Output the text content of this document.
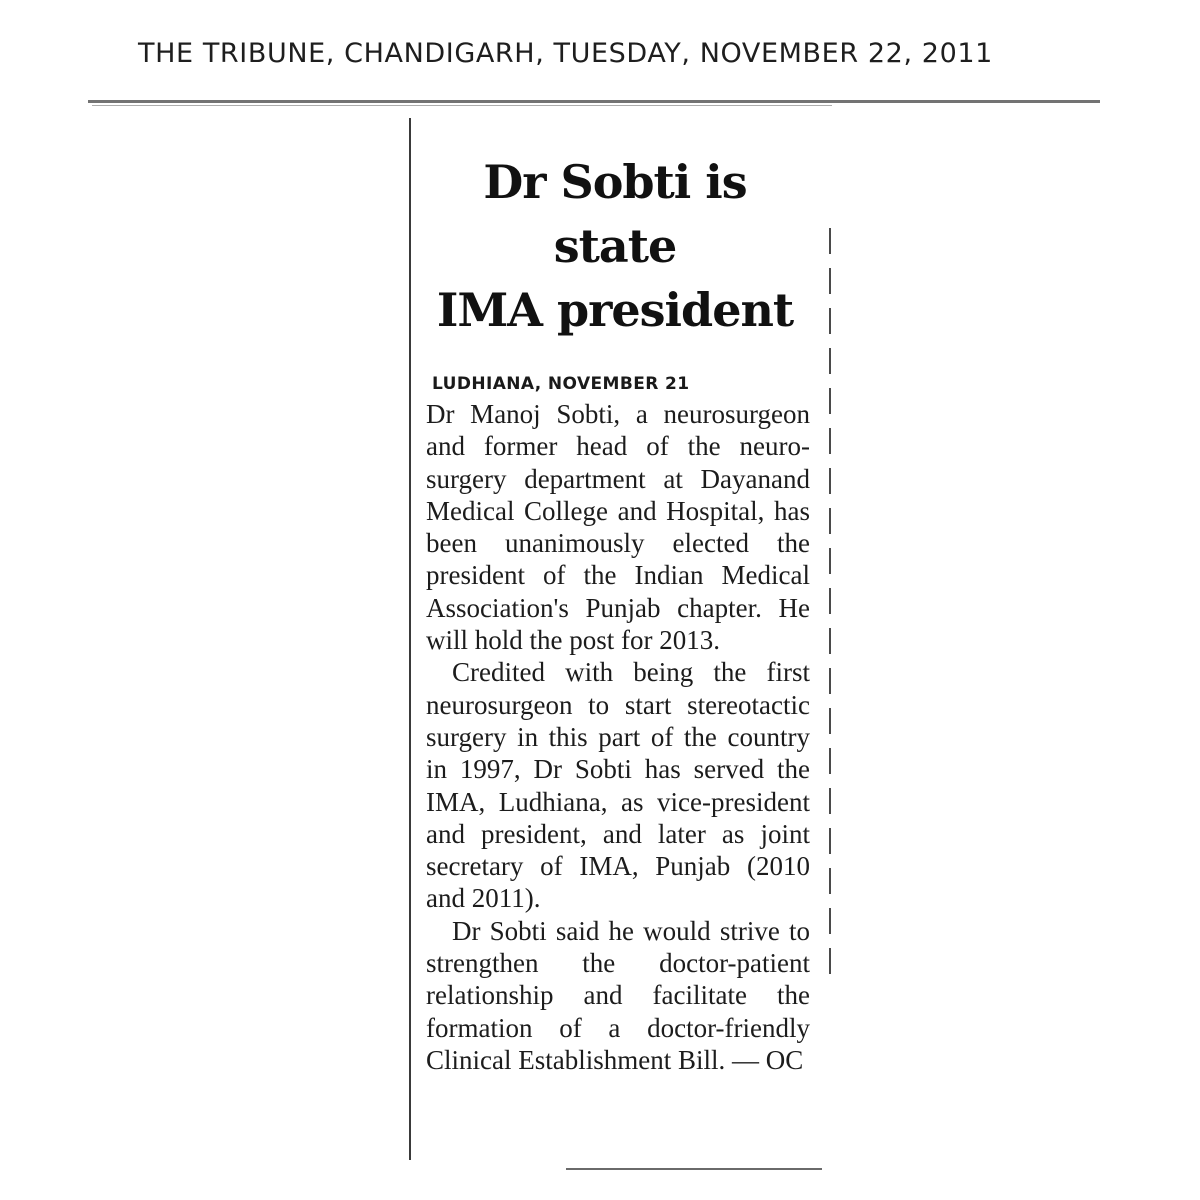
THE TRIBUNE, CHANDIGARH, TUESDAY, NOVEMBER 22, 2011
Dr Sobti is state
IMA president
LUDHIANA, NOVEMBER 21

Dr Manoj Sobti, a neurosurgeon and former head of the neuro-surgery department at Dayanand Medical College and Hospital, has been unanimously elected the president of the Indian Medical Association's Punjab chapter. He will hold the post for 2013.

Credited with being the first neurosurgeon to start stereotactic surgery in this part of the country in 1997, Dr Sobti has served the IMA, Ludhiana, as vice-president and president, and later as joint secretary of IMA, Punjab (2010 and 2011).

Dr Sobti said he would strive to strengthen the doctor-patient relationship and facilitate the formation of a doctor-friendly Clinical Establishment Bill. — OC
